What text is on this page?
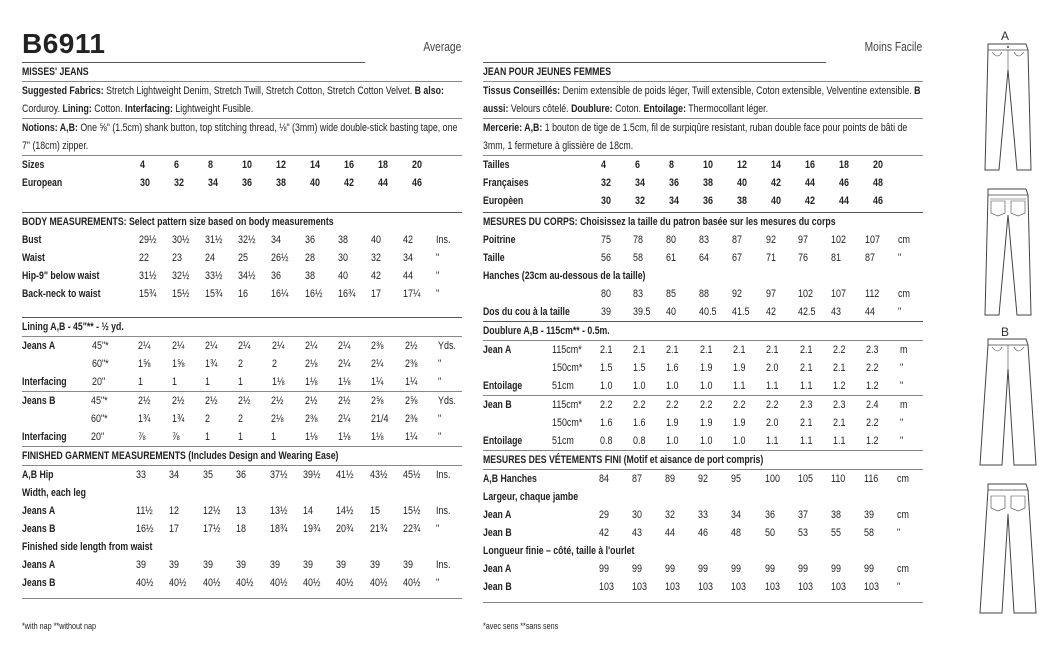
B6911	Average	Moins Facile
MISSES' JEANS
Suggested Fabrics: Stretch Lightweight Denim, Stretch Twill, Stretch Cotton, Stretch Cotton Velvet. B also: Corduroy. Lining: Cotton. Interfacing: Lightweight Fusible.
Notions: A,B: One ⅝" (1.5cm) shank button, top stitching thread, ⅛" (3mm) wide double-stick basting tape, one 7" (18cm) zipper.
Sizes	4	6	8	10	12	14	16	18	20
European	30	32	34	36	38	40	42	44	46
BODY MEASUREMENTS: Select pattern size based on body measurements
Bust	29½	30½	31½	32½	34	36	38	40	42	Ins.
Waist	22	23	24	25	26½	28	30	32	34	"
Hip-9" below waist	31½	32½	33½	34½	36	38	40	42	44	"
Back-neck to waist	15¾	15½	15¾	16	16¼	16½	16¾	17	17¼	"
Lining A,B - 45"** - ½ yd.
Jeans A	45"*	2¼	2¼	2¼	2¼	2¼	2¼	2¼	2⅜	2½	Yds.
	60"*	1⅝	1⅝	1¾	2	2	2⅛	2¼	2¼	2⅜	"
Interfacing	20"	1	1	1	1	1⅛	1⅛	1⅛	1¼	1¼	"
Jeans B	45"*	2½	2½	2½	2½	2½	2½	2½	2⅝	2⅝	Yds.
	60"*	1¾	1¾	2	2	2⅛	2⅜	2¼	21/4	2⅜	"
Interfacing	20"	⅞	⅞	1	1	1	1⅛	1⅛	1⅛	1¼	"
FINISHED GARMENT MEASUREMENTS (Includes Design and Wearing Ease)
A,B Hip	33	34	35	36	37½	39½	41½	43½	45½	Ins.
Width, each leg										
Jeans A	11½	12	12½	13	13½	14	14½	15	15½	Ins.
Jeans B	16½	17	17½	18	18¾	19¾	20¾	21¾	22¾	"
Finished side length from waist										
Jeans A	39	39	39	39	39	39	39	39	39	Ins.
Jeans B	40½	40½	40½	40½	40½	40½	40½	40½	40½	"
JEAN POUR JEUNES FEMMES
Tissus Conseillés: Denim extensible de poids léger, Twill extensible, Coton extensible, Velventine extensible. B aussi: Velours côtelé. Doublure: Coton. Entoilage: Thermocollant léger.
Mercerie: A,B: 1 bouton de tige de 1.5cm, fil de surpiqûre resistant, ruban double face pour points de bâti de 3mm, 1 fermeture à glissière de 18cm.
Tailles	4	6	8	10	12	14	16	18	20
Françaises	32	34	36	38	40	42	44	46	48
Europèen	30	32	34	36	38	40	42	44	46
MESURES DU CORPS: Choisissez la taille du patron basée sur les mesures du corps
Poitrine	75	78	80	83	87	92	97	102	107	cm
Taille	56	58	61	64	67	71	76	81	87	"
Hanches (23cm au-dessous de la taille)										
	80	83	85	88	92	97	102	107	112	cm
Dos du cou à la taille	39	39.5	40	40.5	41.5	42	42.5	43	44	"
Doublure A,B - 115cm** - 0.5m.
Jean A	115cm*	2.1	2.1	2.1	2.1	2.1	2.1	2.1	2.2	2.3	m
	150cm*	1.5	1.5	1.6	1.9	1.9	2.0	2.1	2.1	2.2	"
Entoilage	51cm	1.0	1.0	1.0	1.0	1.1	1.1	1.1	1.2	1.2	"
Jean B	115cm*	2.2	2.2	2.2	2.2	2.2	2.2	2.3	2.3	2.4	m
	150cm*	1.6	1.6	1.9	1.9	1.9	2.0	2.1	2.1	2.2	"
Entoilage	51cm	0.8	0.8	1.0	1.0	1.0	1.1	1.1	1.1	1.2	"
MESURES DES VÉTEMENTS FINI (Motif et aisance de port compris)
A,B Hanches	84	87	89	92	95	100	105	110	116	cm
Largeur, chaque jambe										
Jean A	29	30	32	33	34	36	37	38	39	cm
Jean B	42	43	44	46	48	50	53	55	58	"
Longueur finie – côté, taille à l'ourlet										
Jean A	99	99	99	99	99	99	99	99	99	cm
Jean B	103	103	103	103	103	103	103	103	103	"
*with nap **without nap	*avec sens **sans sens
A
B
